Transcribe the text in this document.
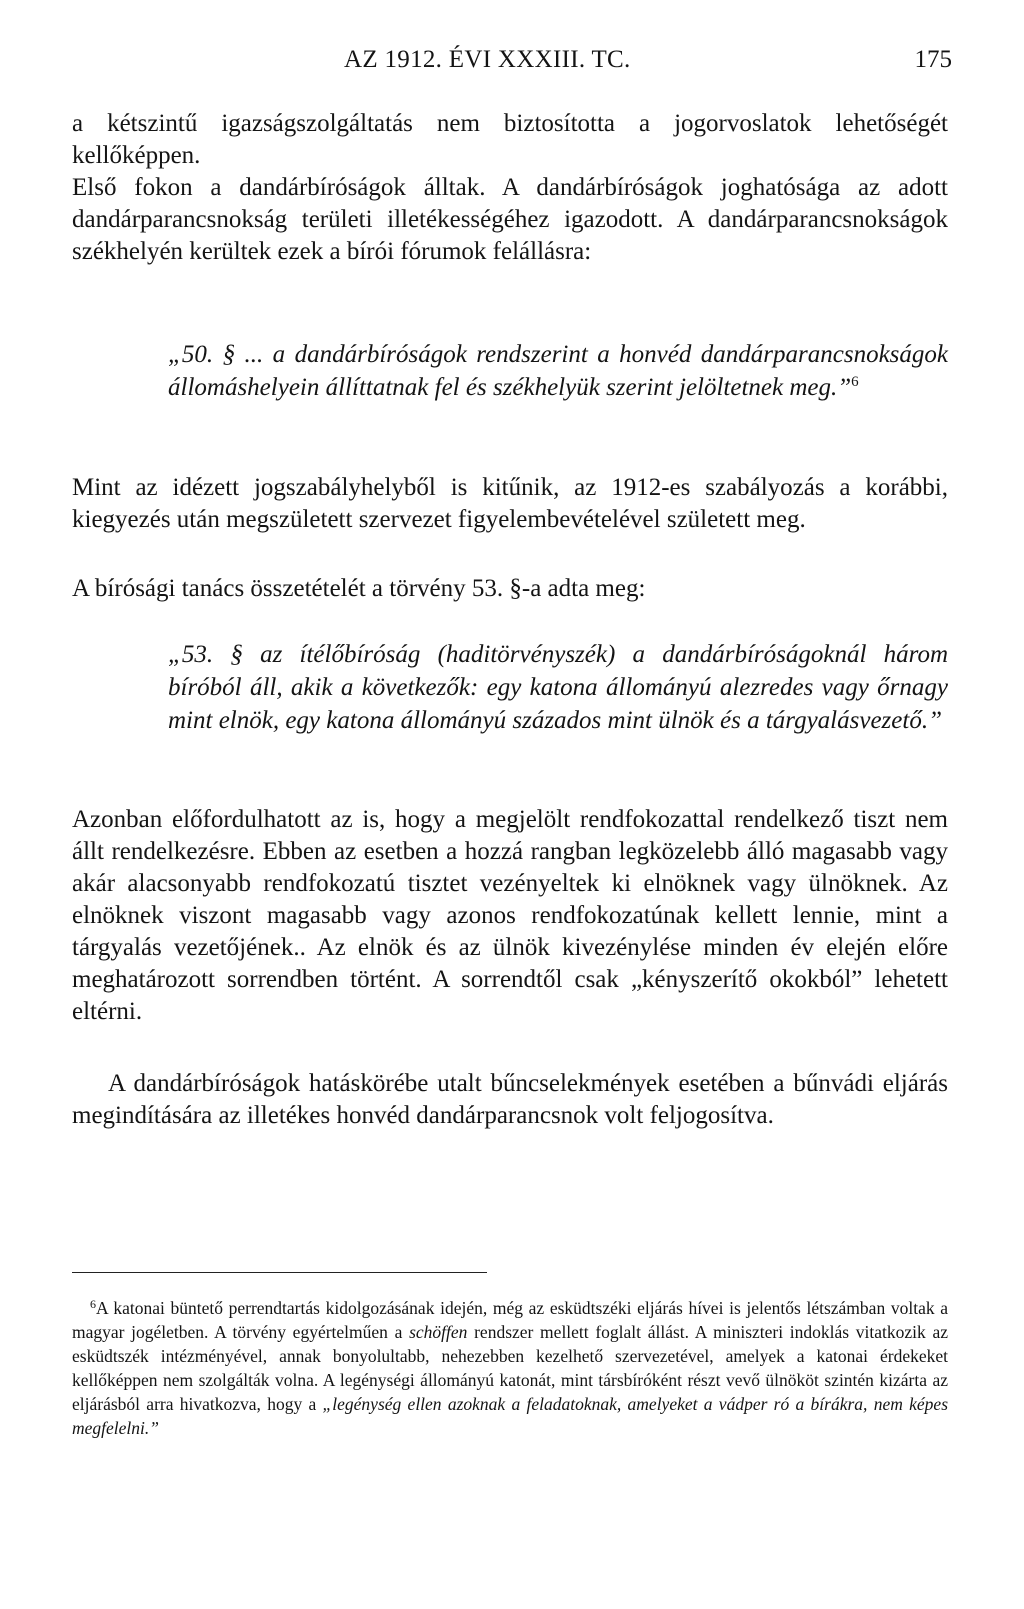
AZ 1912. ÉVI XXXIII. TC.	175

a kétszintű igazságszolgáltatás nem biztosította a jogorvoslatok lehetőségét kellőképpen.

Első fokon a dandárbíróságok álltak. A dandárbíróságok joghatósága az adott dandárparancsnokság területi illetékességéhez igazodott. A dandárparancsnokságok székhelyén kerültek ezek a bírói fórumok felállásra:

„50. § ... a dandárbíróságok rendszerint a honvéd dandárparancsnokságok állomáshelyein állíttatnak fel és székhelyük szerint jelöltetnek meg.”$^6$

Mint az idézett jogszabályhelyből is kitűnik, az 1912-es szabályozás a korábbi, kiegyezés után megszületett szervezet figyelembevételével született meg.

A bírósági tanács összetételét a törvény 53. §-a adta meg:

„53. § az ítélőbíróság (haditörvényszék) a dandárbíróságoknál három bíróból áll, akik a következők: egy katona állományú alezredes vagy őrnagy mint elnök, egy katona állományú százados mint ülnök és a tárgyalásvezető.”

Azonban előfordulhatott az is, hogy a megjelölt rendfokozattal rendelkező tiszt nem állt rendelkezésre. Ebben az esetben a hozzá rangban legközelebb álló magasabb vagy akár alacsonyabb rendfokozatú tisztet vezényeltek ki elnöknek vagy ülnöknek. Az elnöknek viszont magasabb vagy azonos rendfokozatúnak kellett lennie, mint a tárgyalás vezetőjének.. Az elnök és az ülnök kivezénylése minden év elején előre meghatározott sorrendben történt. A sorrendtől csak „kényszerítő okokból” lehetett eltérni.

A dandárbíróságok hatáskörébe utalt bűncselekmények esetében a bűnvádi eljárás megindítására az illetékes honvéd dandárparancsnok volt feljogosítva.

$^6$A katonai büntető perrendtartás kidolgozásának idején, még az esküdtszéki eljárás hívei is jelentős létszámban voltak a magyar jogéletben. A törvény egyértelműen a schöffen rendszer mellett foglalt állást. A miniszteri indoklás vitatkozik az esküdtszék intézményével, annak bonyolultabb, nehezebben kezelhető szervezetével, amelyek a katonai érdekeket kellőképpen nem szolgálták volna. A legénységi állományú katonát, mint társbíróként részt vevő ülnököt szintén kizárta az eljárásból arra hivatkozva, hogy a „legénység ellen azoknak a feladatoknak, amelyeket a vádper ró a bírákra, nem képes megfelelni.”
